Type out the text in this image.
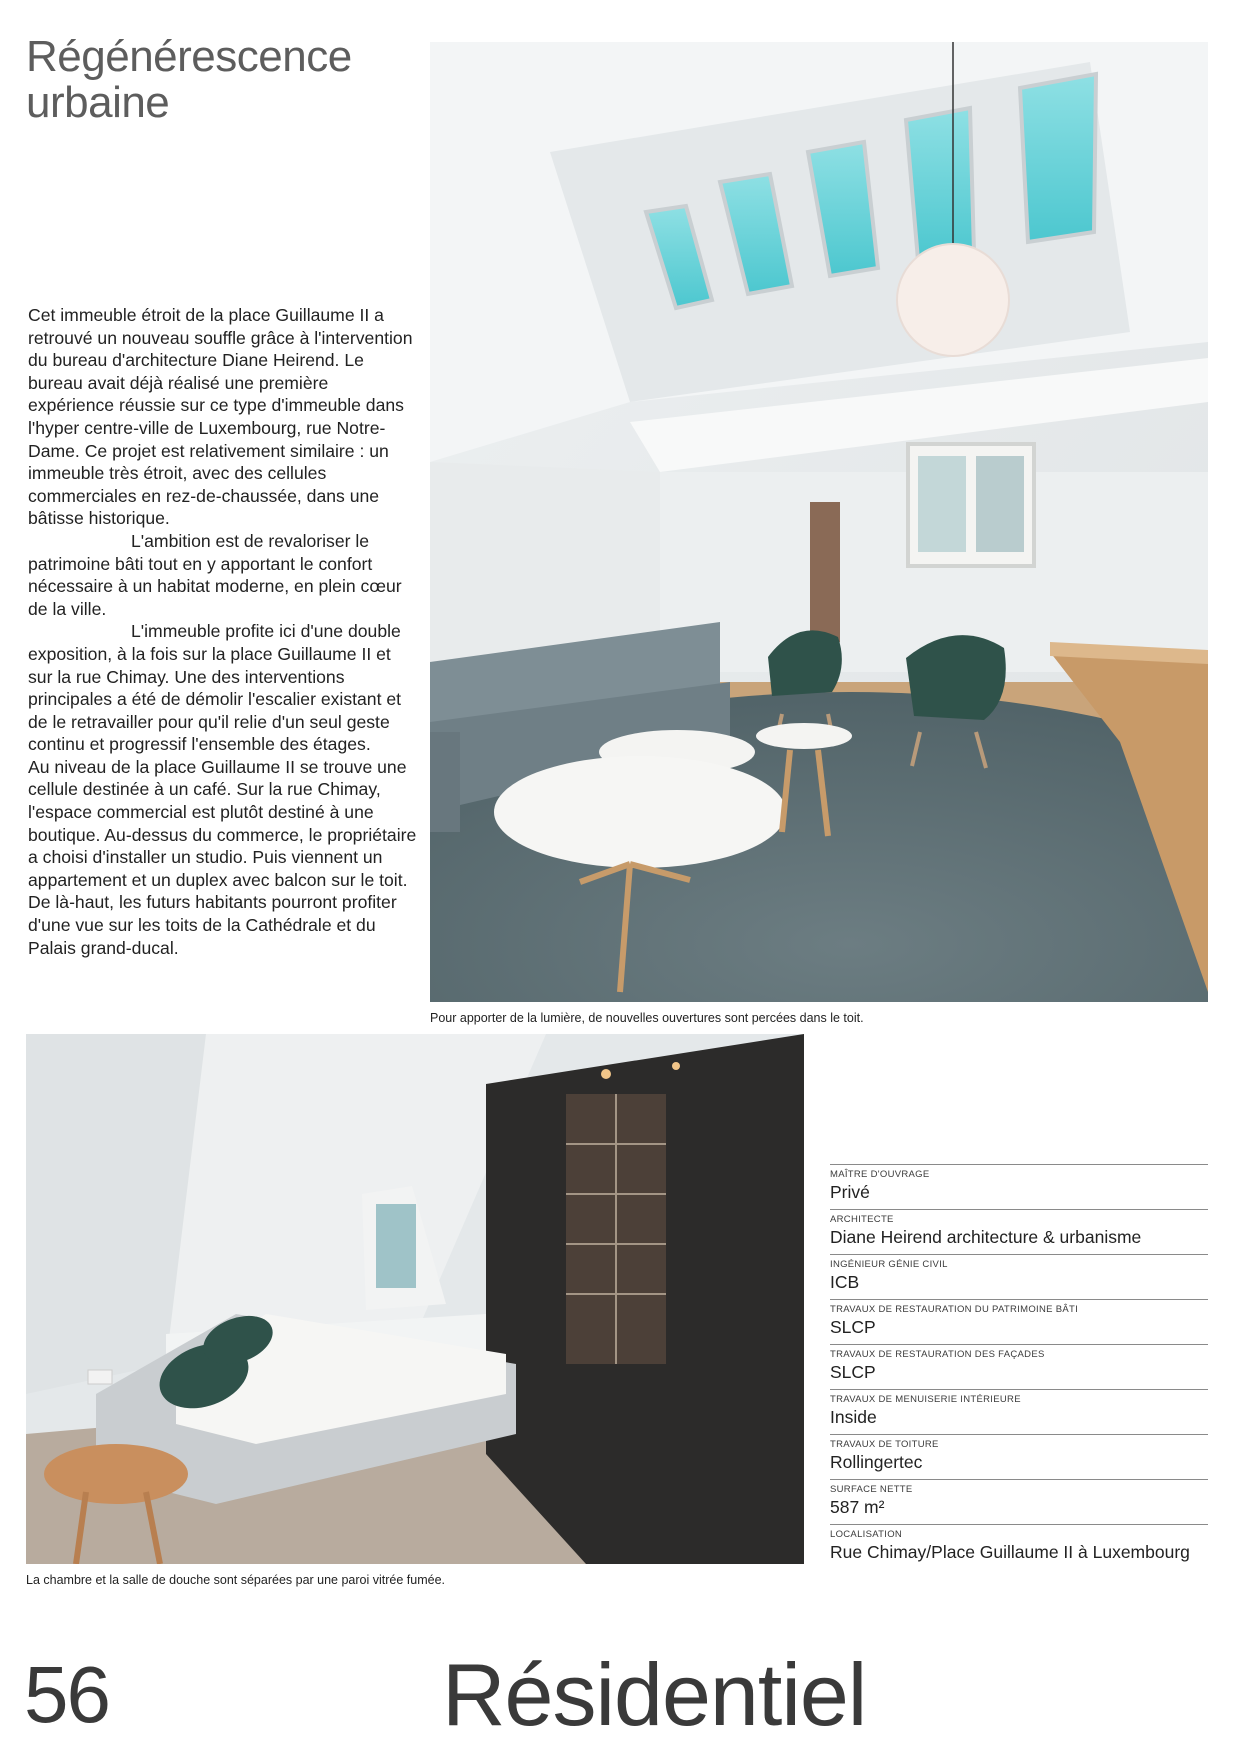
Régénérescence
urbaine

Cet immeuble étroit de la place Guillaume II a retrouvé un nouveau souffle grâce à l'intervention du bureau d'architecture Diane Heirend. Le bureau avait déjà réalisé une première expérience réussie sur ce type d'immeuble dans l'hyper centre-ville de Luxembourg, rue Notre-Dame. Ce projet est relativement similaire : un immeuble très étroit, avec des cellules commerciales en rez-de-chaussée, dans une bâtisse historique.

L'ambition est de revaloriser le patrimoine bâti tout en y apportant le confort nécessaire à un habitat moderne, en plein cœur de la ville.

L'immeuble profite ici d'une double exposition, à la fois sur la place Guillaume II et sur la rue Chimay. Une des interventions principales a été de démolir l'escalier existant et de le retravailler pour qu'il relie d'un seul geste continu et progressif l'ensemble des étages.

Au niveau de la place Guillaume II se trouve une cellule destinée à un café. Sur la rue Chimay, l'espace commercial est plutôt destiné à une boutique. Au-dessus du commerce, le propriétaire a choisi d'installer un studio. Puis viennent un appartement et un duplex avec balcon sur le toit. De là-haut, les futurs habitants pourront profiter d'une vue sur les toits de la Cathédrale et du Palais grand-ducal.

Pour apporter de la lumière, de nouvelles ouvertures sont percées dans le toit.
La chambre et la salle de douche sont séparées par une paroi vitrée fumée.
MAÎTRE D'OUVRAGE
Privé
ARCHITECTE
Diane Heirend architecture & urbanisme
INGÉNIEUR GÉNIE CIVIL
ICB
TRAVAUX DE RESTAURATION DU PATRIMOINE BÂTI
SLCP
TRAVAUX DE RESTAURATION DES FAÇADES
SLCP
TRAVAUX DE MENUISERIE INTÉRIEURE
Inside
TRAVAUX DE TOITURE
Rollingertec
SURFACE NETTE
587 m²
LOCALISATION
Rue Chimay/Place Guillaume II à Luxembourg
56	Résidentiel
